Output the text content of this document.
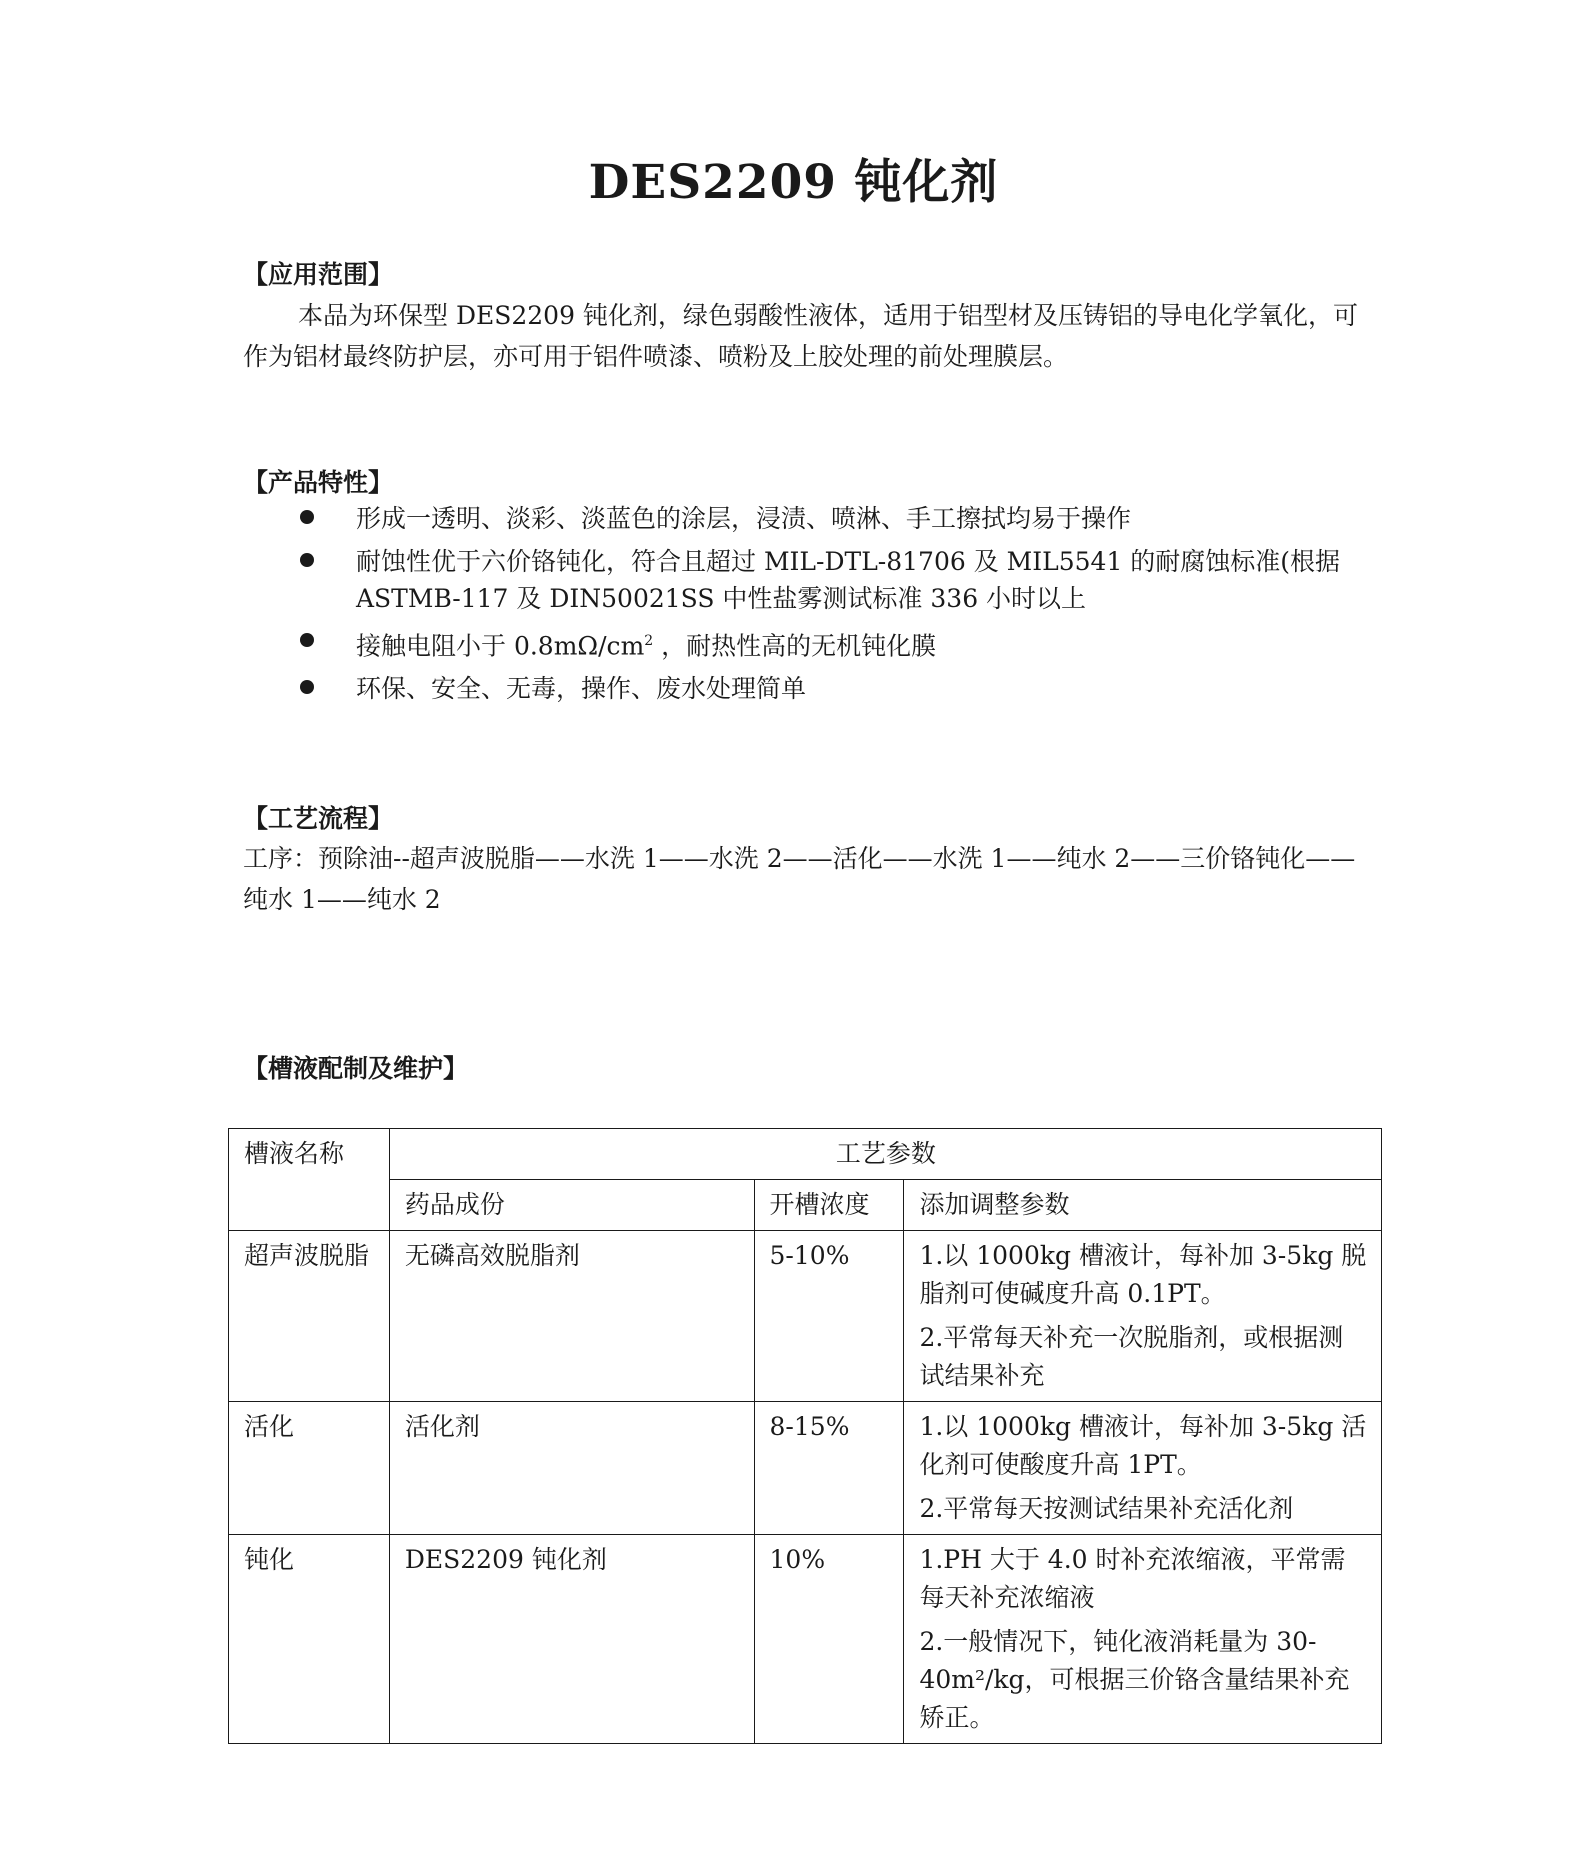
DES2209 钝化剂
【应用范围】
本品为环保型 DES2209 钝化剂，绿色弱酸性液体，适用于铝型材及压铸铝的导电化学氧化，可作为铝材最终防护层，亦可用于铝件喷漆、喷粉及上胶处理的前处理膜层。
【产品特性】
形成一透明、淡彩、淡蓝色的涂层，浸渍、喷淋、手工擦拭均易于操作
耐蚀性优于六价铬钝化，符合且超过 MIL-DTL-81706 及 MIL5541 的耐腐蚀标准(根据 ASTMB-117 及 DIN50021SS 中性盐雾测试标准 336 小时以上
接触电阻小于 $0.8m\Omega/cm^2$ ，耐热性高的无机钝化膜
环保、安全、无毒，操作、废水处理简单
【工艺流程】
工序：预除油--超声波脱脂——水洗 1——水洗 2——活化——水洗 1——纯水 2——三价铬钝化——纯水 1——纯水 2
【槽液配制及维护】
槽液名称	工艺参数		
	药品成份	开槽浓度	添加调整参数
超声波脱脂	无磷高效脱脂剂	5-10%	1.以 1000kg 槽液计，每补加 3-5kg 脱脂剂可使碱度升高 0.1PT。
2.平常每天补充一次脱脂剂，或根据测试结果补充

活化	活化剂	8-15%	1.以 1000kg 槽液计，每补加 3-5kg 活化剂可使酸度升高 1PT。
2.平常每天按测试结果补充活化剂

钝化	DES2209 钝化剂	10%	1.PH 大于 4.0 时补充浓缩液，平常需每天补充浓缩液
2.一般情况下，钝化液消耗量为 30-40m²/kg，可根据三价铬含量结果补充矫正。
